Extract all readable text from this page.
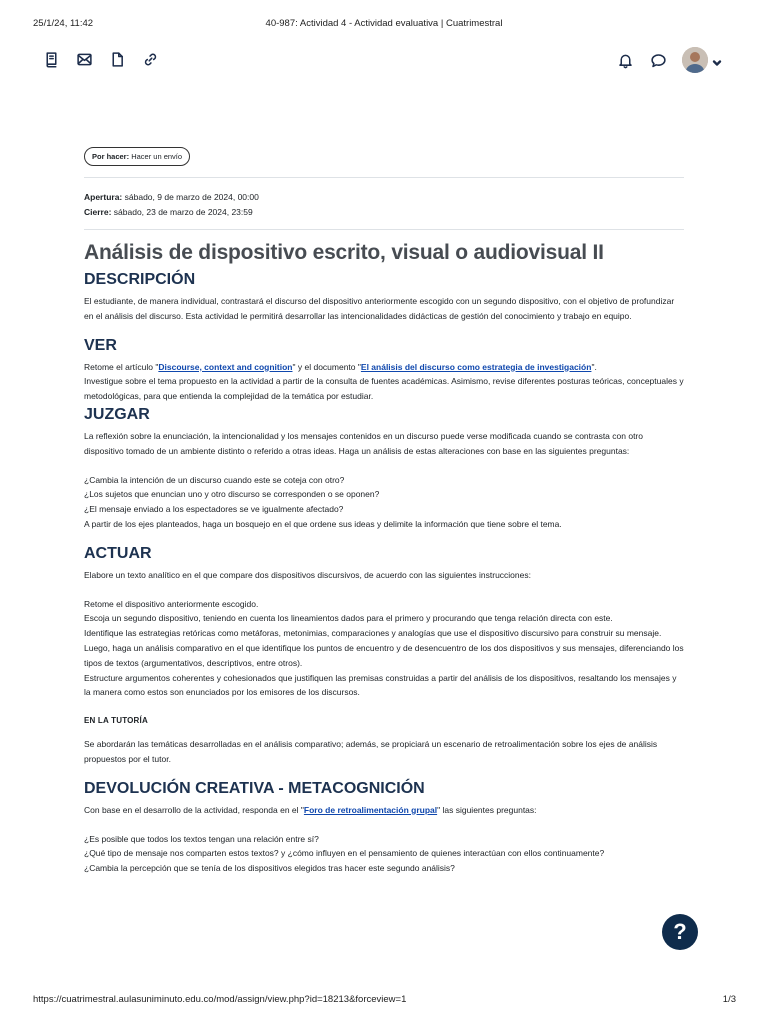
25/1/24, 11:42	40-987: Actividad 4 - Actividad evaluativa | Cuatrimestral
Por hacer: Hacer un envío
Apertura: sábado, 9 de marzo de 2024, 00:00
Cierre: sábado, 23 de marzo de 2024, 23:59
Análisis de dispositivo escrito, visual o audiovisual II
DESCRIPCIÓN

El estudiante, de manera individual, contrastará el discurso del dispositivo anteriormente escogido con un segundo dispositivo, con el objetivo de profundizar en el análisis del discurso. Esta actividad le permitirá desarrollar las intencionalidades didácticas de gestión del conocimiento y trabajo en equipo.

VER

Retome el artículo "Discourse, context and cognition" y el documento "El análisis del discurso como estrategia de investigación".
Investigue sobre el tema propuesto en la actividad a partir de la consulta de fuentes académicas. Asimismo, revise diferentes posturas teóricas, conceptuales y metodológicas, para que entienda la complejidad de la temática por estudiar.

JUZGAR

La reflexión sobre la enunciación, la intencionalidad y los mensajes contenidos en un discurso puede verse modificada cuando se contrasta con otro dispositivo tomado de un ambiente distinto o referido a otras ideas. Haga un análisis de estas alteraciones con base en las siguientes preguntas:

¿Cambia la intención de un discurso cuando este se coteja con otro?
¿Los sujetos que enuncian uno y otro discurso se corresponden o se oponen?
¿El mensaje enviado a los espectadores se ve igualmente afectado?
A partir de los ejes planteados, haga un bosquejo en el que ordene sus ideas y delimite la información que tiene sobre el tema.

ACTUAR

Elabore un texto analítico en el que compare dos dispositivos discursivos, de acuerdo con las siguientes instrucciones:

Retome el dispositivo anteriormente escogido.
Escoja un segundo dispositivo, teniendo en cuenta los lineamientos dados para el primero y procurando que tenga relación directa con este.
Identifique las estrategias retóricas como metáforas, metonimias, comparaciones y analogías que use el dispositivo discursivo para construir su mensaje.
Luego, haga un análisis comparativo en el que identifique los puntos de encuentro y de desencuentro de los dos dispositivos y sus mensajes, diferenciando los tipos de textos (argumentativos, descriptivos, entre otros).
Estructure argumentos coherentes y cohesionados que justifiquen las premisas construidas a partir del análisis de los dispositivos, resaltando los mensajes y la manera como estos son enunciados por los emisores de los discursos.

EN LA TUTORÍA

Se abordarán las temáticas desarrolladas en el análisis comparativo; además, se propiciará un escenario de retroalimentación sobre los ejes de análisis propuestos por el tutor.

DEVOLUCIÓN CREATIVA - METACOGNICIÓN

Con base en el desarrollo de la actividad, responda en el "Foro de retroalimentación grupal" las siguientes preguntas:

¿Es posible que todos los textos tengan una relación entre sí?
¿Qué tipo de mensaje nos comparten estos textos? y ¿cómo influyen en el pensamiento de quienes interactúan con ellos continuamente?
¿Cambia la percepción que se tenía de los dispositivos elegidos tras hacer este segundo análisis?

?
https://cuatrimestral.aulasuniminuto.edu.co/mod/assign/view.php?id=18213&forceview=1	1/3
